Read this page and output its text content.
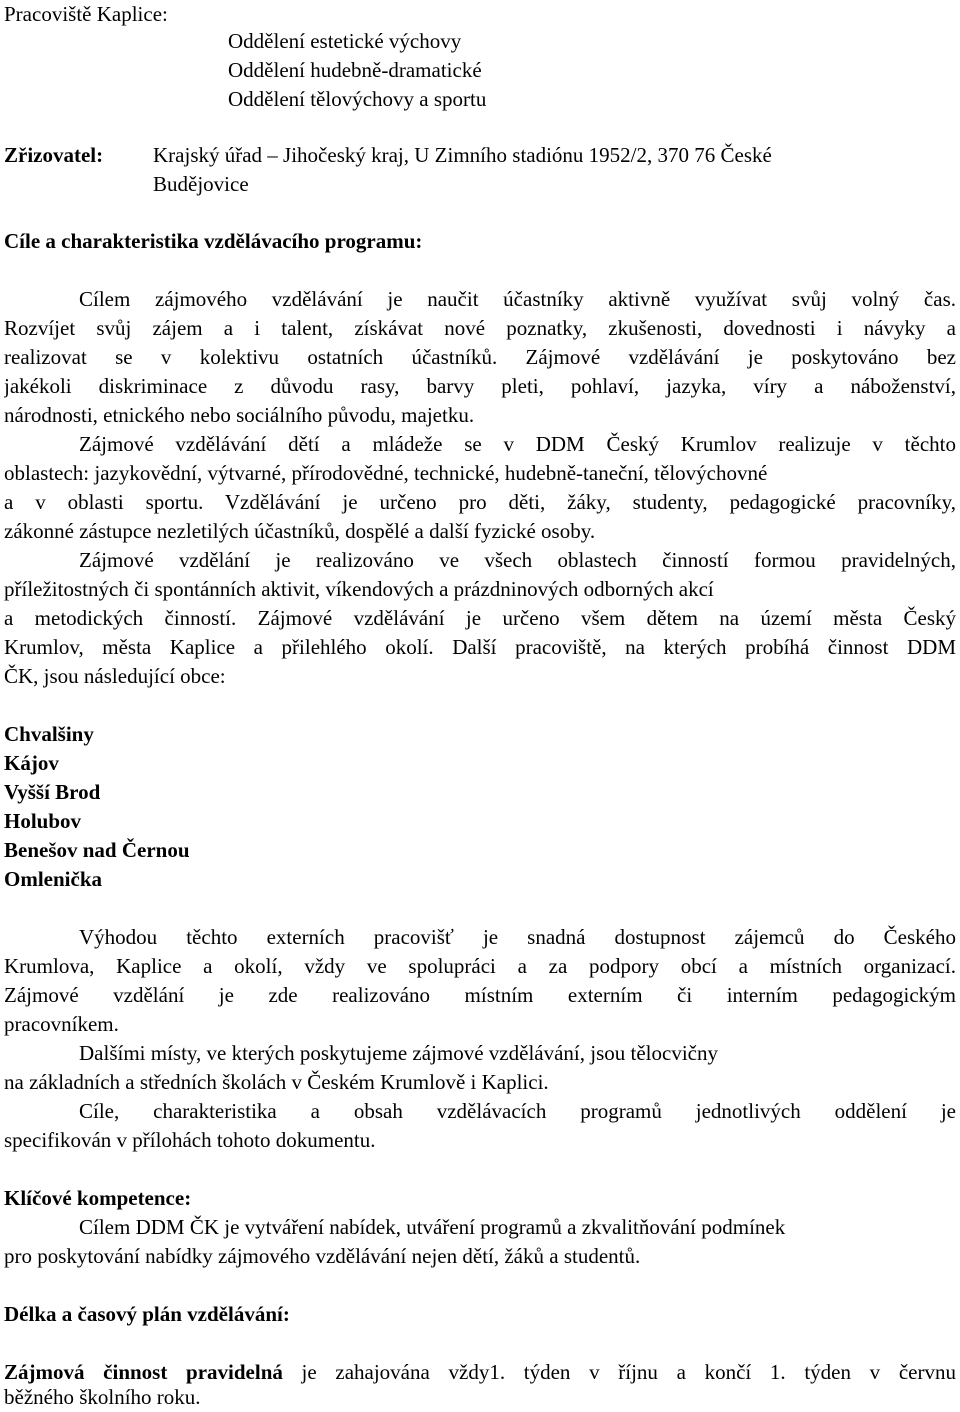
Pracoviště Kaplice:
Oddělení estetické výchovy
Oddělení hudebně-dramatické
Oddělení tělovýchovy a sportu
Zřizovatel: Krajský úřad – Jihočeský kraj, U Zimního stadiónu 1952/2, 370 76 České
Budějovice
Cíle a charakteristika vzdělávacího programu:
Cílem zájmového vzdělávání je naučit účastníky aktivně využívat svůj volný čas.
Rozvíjet svůj zájem a i talent, získávat nové poznatky, zkušenosti, dovednosti i návyky a
realizovat se v kolektivu ostatních účastníků. Zájmové vzdělávání je poskytováno bez
jakékoli diskriminace z důvodu rasy, barvy pleti, pohlaví, jazyka, víry a náboženství,
národnosti, etnického nebo sociálního původu, majetku.
Zájmové vzdělávání dětí a mládeže se v DDM Český Krumlov realizuje v těchto
oblastech: jazykovědní, výtvarné, přírodovědné, technické, hudebně-taneční, tělovýchovné
a v oblasti sportu. Vzdělávání je určeno pro děti, žáky, studenty, pedagogické pracovníky,
zákonné zástupce nezletilých účastníků, dospělé a další fyzické osoby.
Zájmové vzdělání je realizováno ve všech oblastech činností formou pravidelných,
příležitostných či spontánních aktivit, víkendových a prázdninových odborných akcí
a metodických činností. Zájmové vzdělávání je určeno všem dětem na území města Český
Krumlov, města Kaplice a přilehlého okolí. Další pracoviště, na kterých probíhá činnost DDM
ČK, jsou následující obce:
Chvalšiny
Kájov
Vyšší Brod
Holubov
Benešov nad Černou
Omlenička
Výhodou těchto externích pracovišť je snadná dostupnost zájemců do Českého
Krumlova, Kaplice a okolí, vždy ve spolupráci a za podpory obcí a místních organizací.
Zájmové vzdělání je zde realizováno místním externím či interním pedagogickým
pracovníkem.
Dalšími místy, ve kterých poskytujeme zájmové vzdělávání, jsou tělocvičny
na základních a středních školách v Českém Krumlově i Kaplici.
Cíle, charakteristika a obsah vzdělávacích programů jednotlivých oddělení je
specifikován v přílohách tohoto dokumentu.
Klíčové kompetence:
Cílem DDM ČK je vytváření nabídek, utváření programů a zkvalitňování podmínek
pro poskytování nabídky zájmového vzdělávání nejen dětí, žáků a studentů.
Délka a časový plán vzdělávání:
Zájmová činnost pravidelná je zahajována vždy1. týden v říjnu a končí 1. týden v červnu
běžného školního roku.
